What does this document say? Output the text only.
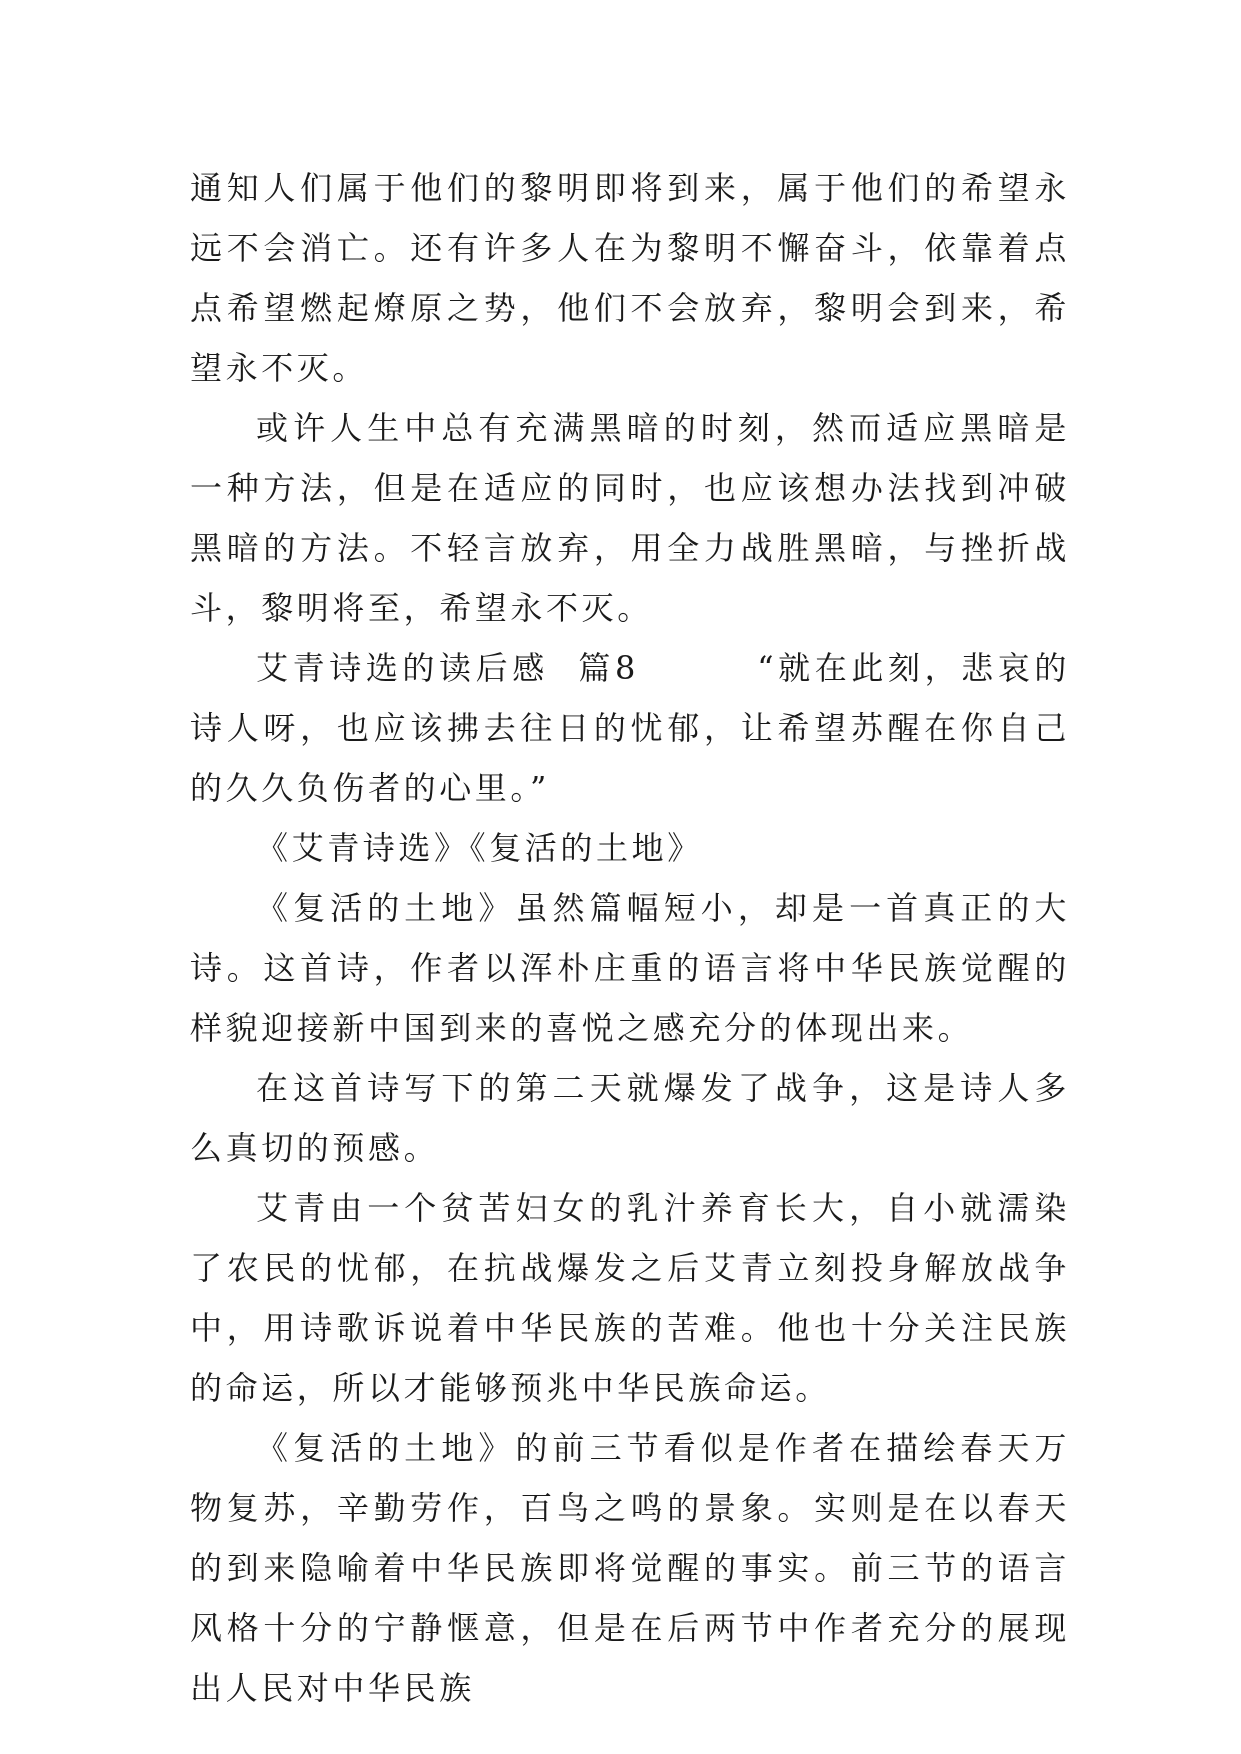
通知人们属于他们的黎明即将到来，属于他们的希望永远不会消亡。还有许多人在为黎明不懈奋斗，依靠着点点希望燃起燎原之势，他们不会放弃，黎明会到来，希望永不灭。

或许人生中总有充满黑暗的时刻，然而适应黑暗是一种方法，但是在适应的同时，也应该想办法找到冲破黑暗的方法。不轻言放弃，用全力战胜黑暗，与挫折战斗，黎明将至，希望永不灭。

艾青诗选的读后感  篇8        “就在此刻，悲哀的诗人呀，也应该拂去往日的忧郁，让希望苏醒在你自己的久久负伤者的心里。”

《艾青诗选》《复活的土地》

《复活的土地》虽然篇幅短小，却是一首真正的大诗。这首诗，作者以浑朴庄重的语言将中华民族觉醒的样貌迎接新中国到来的喜悦之感充分的体现出来。

在这首诗写下的第二天就爆发了战争，这是诗人多么真切的预感。

艾青由一个贫苦妇女的乳汁养育长大，自小就濡染了农民的忧郁，在抗战爆发之后艾青立刻投身解放战争中，用诗歌诉说着中华民族的苦难。他也十分关注民族的命运，所以才能够预兆中华民族命运。

《复活的土地》的前三节看似是作者在描绘春天万物复苏，辛勤劳作，百鸟之鸣的景象。实则是在以春天的到来隐喻着中华民族即将觉醒的事实。前三节的语言风格十分的宁静惬意，但是在后两节中作者充分的展现出人民对中华民族
